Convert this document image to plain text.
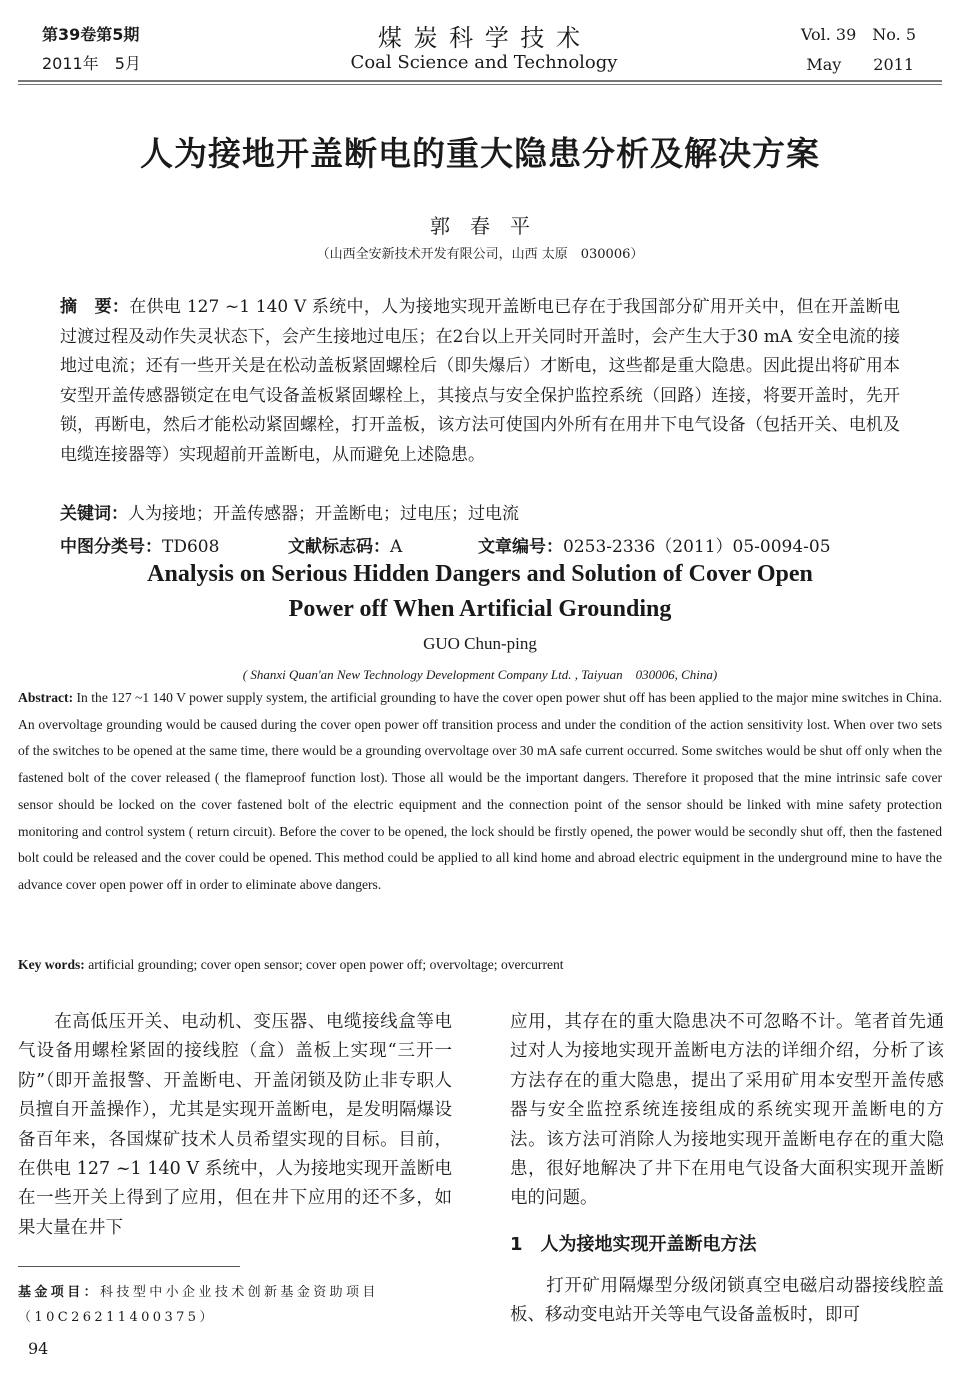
第39卷第5期
2011年　5月
煤 炭 科 学 技 术
Coal Science and Technology
Vol. 39　No. 5
May　　2011
人为接地开盖断电的重大隐患分析及解决方案
郭　春　平
（山西全安新技术开发有限公司，山西 太原　030006）
摘　要：在供电 127 ~1 140 V 系统中，人为接地实现开盖断电已存在于我国部分矿用开关中，但在开盖断电过渡过程及动作失灵状态下，会产生接地过电压；在2台以上开关同时开盖时，会产生大于30 mA 安全电流的接地过电流；还有一些开关是在松动盖板紧固螺栓后（即失爆后）才断电，这些都是重大隐患。因此提出将矿用本安型开盖传感器锁定在电气设备盖板紧固螺栓上，其接点与安全保护监控系统（回路）连接，将要开盖时，先开锁，再断电，然后才能松动紧固螺栓，打开盖板，该方法可使国内外所有在用井下电气设备（包括开关、电机及电缆连接器等）实现超前开盖断电，从而避免上述隐患。
关键词：人为接地；开盖传感器；开盖断电；过电压；过电流
中图分类号：TD608	文献标志码：A	文章编号：0253-2336（2011）05-0094-05
Analysis on Serious Hidden Dangers and Solution of Cover Open
Power off When Artificial Grounding
GUO Chun-ping
( Shanxi Quan'an New Technology Development Company Ltd. , Taiyuan　030006, China)
Abstract: In the 127 ~1 140 V power supply system, the artificial grounding to have the cover open power shut off has been applied to the major mine switches in China. An overvoltage grounding would be caused during the cover open power off transition process and under the condition of the action sensitivity lost. When over two sets of the switches to be opened at the same time, there would be a grounding overvoltage over 30 mA safe current occurred. Some switches would be shut off only when the fastened bolt of the cover released ( the flameproof function lost). Those all would be the important dangers. Therefore it proposed that the mine intrinsic safe cover sensor should be locked on the cover fastened bolt of the electric equipment and the connection point of the sensor should be linked with mine safety protection monitoring and control system ( return circuit). Before the cover to be opened, the lock should be firstly opened, the power would be secondly shut off, then the fastened bolt could be released and the cover could be opened. This method could be applied to all kind home and abroad electric equipment in the underground mine to have the advance cover open power off in order to eliminate above dangers.
Key words: artificial grounding; cover open sensor; cover open power off; overvoltage; overcurrent
　　在高低压开关、电动机、变压器、电缆接线盒等电气设备用螺栓紧固的接线腔（盒）盖板上实现“三开一防”（即开盖报警、开盖断电、开盖闭锁及防止非专职人员擅自开盖操作），尤其是实现开盖断电，是发明隔爆设备百年来，各国煤矿技术人员希望实现的目标。目前，在供电 127 ~1 140 V 系统中，人为接地实现开盖断电在一些开关上得到了应用，但在井下应用的还不多，如果大量在井下
应用，其存在的重大隐患决不可忽略不计。笔者首先通过对人为接地实现开盖断电方法的详细介绍，分析了该方法存在的重大隐患，提出了采用矿用本安型开盖传感器与安全监控系统连接组成的系统实现开盖断电的方法。该方法可消除人为接地实现开盖断电存在的重大隐患，很好地解决了井下在用电气设备大面积实现开盖断电的问题。
1　 人为接地实现开盖断电方法
　　打开矿用隔爆型分级闭锁真空电磁启动器接线腔盖板、移动变电站开关等电气设备盖板时，即可
基金项目：科技型中小企业技术创新基金资助项目（10C26211400375）
94
